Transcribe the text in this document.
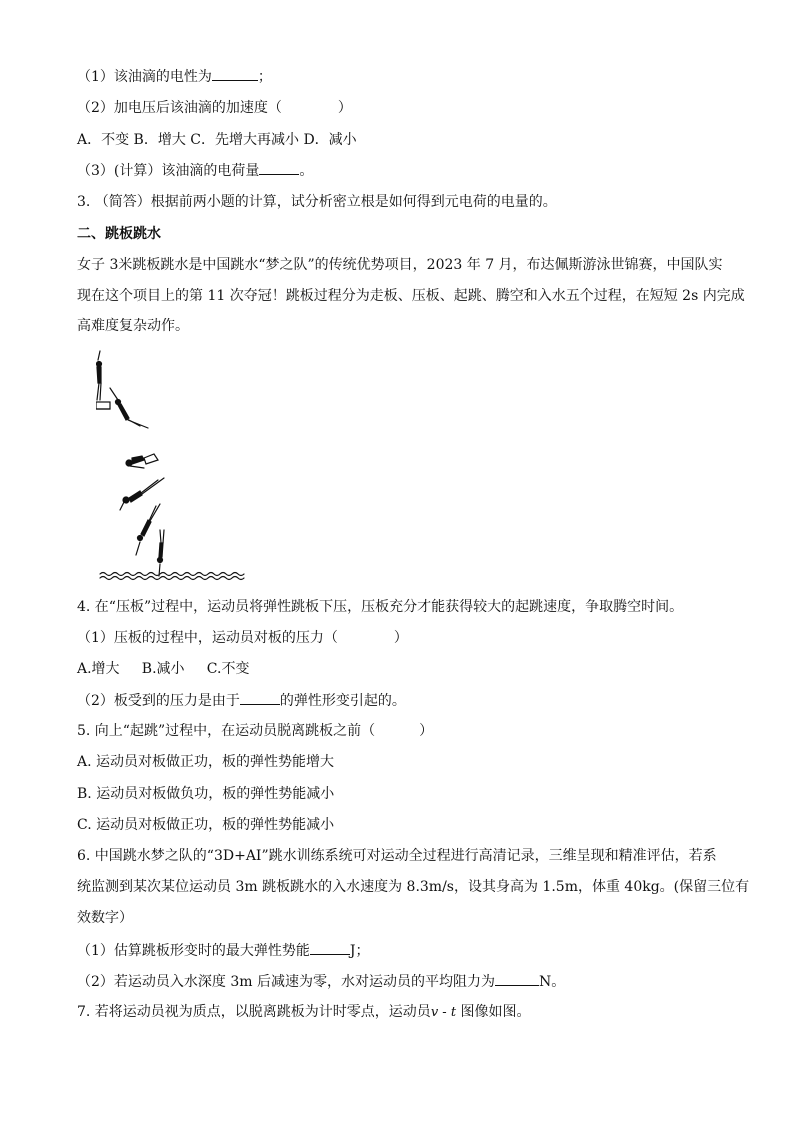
（1）该油滴的电性为	；
（2）加电压后该油滴的加速度（	）
A．不变 B．增大 C．先增大再减小 D．减小
（3）(计算）该油滴的电荷量	。
3. （简答）根据前两小题的计算，试分析密立根是如何得到元电荷的电量的。
二、跳板跳水
女子 3米跳板跳水是中国跳水“梦之队”的传统优势项目，2023 年 7 月，布达佩斯游泳世锦赛，中国队实
现在这个项目上的第 11 次夺冠！跳板过程分为走板、压板、起跳、腾空和入水五个过程，在短短 2s 内完成
高难度复杂动作。
4. 在“压板”过程中，运动员将弹性跳板下压，压板充分才能获得较大的起跳速度，争取腾空时间。
（1）压板的过程中，运动员对板的压力（	）
A.增大     B.减小     C.不变
（2）板受到的压力是由于	的弹性形变引起的。
5. 向上“起跳”过程中，在运动员脱离跳板之前（	）
A. 运动员对板做正功，板的弹性势能增大
B. 运动员对板做负功，板的弹性势能减小
C. 运动员对板做正功，板的弹性势能减小
6. 中国跳水梦之队的“3D+AI”跳水训练系统可对运动全过程进行高清记录，三维呈现和精准评估，若系
统监测到某次某位运动员 3m 跳板跳水的入水速度为 8.3m/s，设其身高为 1.5m，体重 40kg。(保留三位有
效数字）
（1）估算跳板形变时的最大弹性势能	J；
（2）若运动员入水深度 3m 后减速为零，水对运动员的平均阻力为	N。
7. 若将运动员视为质点，以脱离跳板为计时零点，运动员v - t 图像如图。
